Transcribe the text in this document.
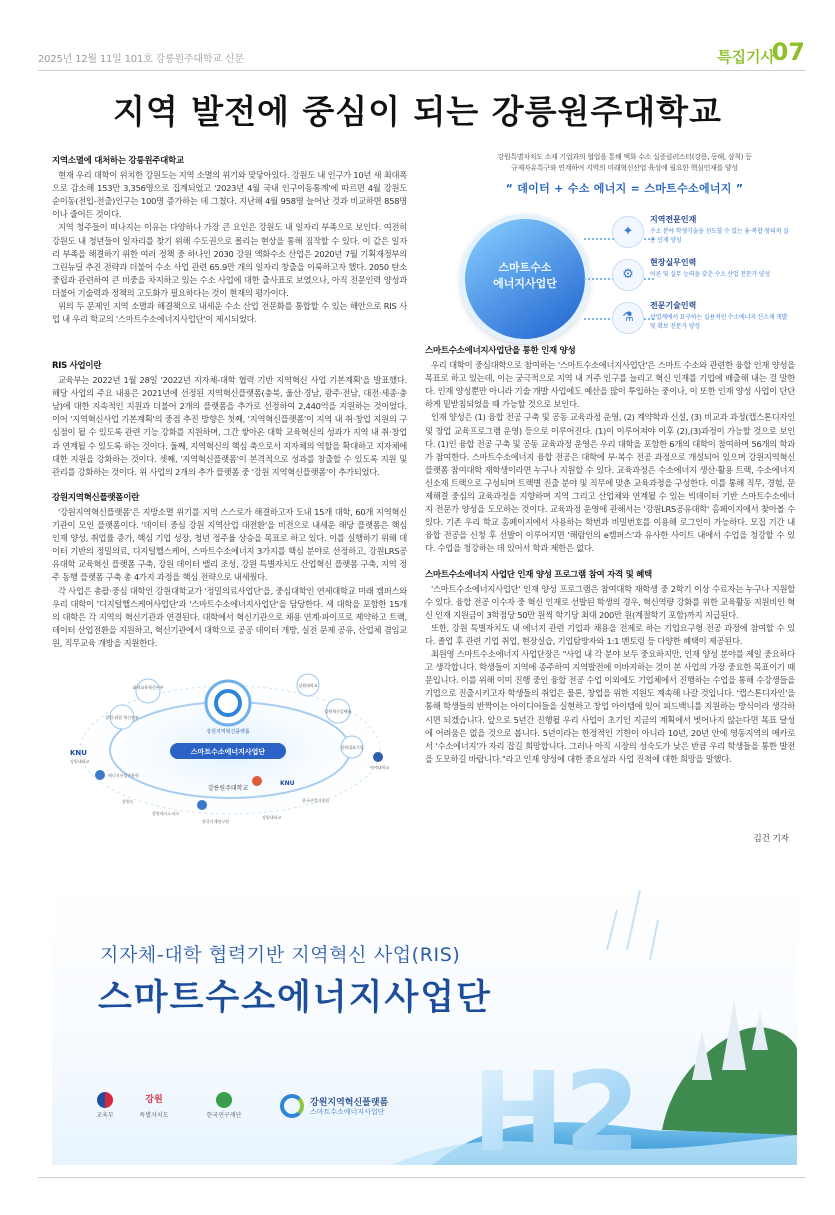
2025년 12월 11일 101호 강릉원주대학교 신문	특집기사
07
지역 발전에 중심이 되는 강릉원주대학교
지역소멸에 대처하는 강릉원주대학교

현재 우리 대학이 위치한 강원도는 지역 소멸의 위기와 맞닿아있다. 강원도 내 인구가 10년 새 최대폭으로 감소해 153만 3,356명으로 집계되었고 '2023년 4월 국내 인구이동통계'에 따르면 4월 강원도 순이동(전입-전출)인구는 100명 증가하는 데 그쳤다. 지난해 4월 958명 늘어난 것과 비교하면 858명이나 줄어든 것이다.

지역 청주들이 떠나지는 이유는 다양하나 가장 큰 요인은 강원도 내 일자리 부족으로 보인다. 여전히 강원도 내 청년들이 일자리를 찾기 위해 수도권으로 몰리는 현상을 통해 짐작할 수 있다. 이 같은 일자리 부족을 해결하기 위한 여러 정책 중 하나인 2030 강원 액화수소 산업은 2020년 7월 기획재정부의 그린뉴딜 추진 전략과 더불어 수소 사업 관련 65.9만 개의 일자리 창출을 이룩하고자 했다. 2050 탄소 중립과 관련하여 큰 비중을 차지하고 있는 수소 사업에 대한 출사표로 보였으나, 아직 전문인력 양성과 더불어 기술력과 정책의 고도화가 필요하다는 것이 현재의 평가이다.

위의 두 문제인 지역 소멸과 해결책으로 내세운 수소 산업 전문화를 통합할 수 있는 해안으로 RIS 사업 내 우리 학교의 '스마트수소에너지사업단'이 제시되었다.

RIS 사업이란

교육부는 2022년 1월 28일 '2022년 지자체-대학 협력 기반 지역혁신 사업 기본계획'을 발표했다. 해당 사업의 주요 내용은 2021년에 선정된 지역혁신플랫폼(충북, 울산·경남, 광주·전남, 대전·세종·충남)에 대한 지속적인 지원과 더불어 2개의 플랫폼을 추가로 선정하여 2,440억을 지원하는 것이었다. 이어 '지역혁신사업 기본계획'의 중점 추진 방향은 첫째, '지역혁신플랫폼'이 지역 내 취·창업 지원의 구심점이 될 수 있도록 관련 기능 강화를 지원하며, 그간 쌓아온 대학 교육혁신의 성과가 지역 내 취·창업과 연계될 수 있도록 하는 것이다. 둘째, 지역혁신의 핵심 축으로서 지자체의 역할을 확대하고 지자체에 대한 지원을 강화하는 것이다. 셋째, '지역혁신플랫폼'이 본격적으로 성과를 창출할 수 있도록 지원 및 관리를 강화하는 것이다. 위 사업의 2개의 추가 플랫폼 중 '강원 지역혁신플랫폼'이 추가되었다.

강원지역혁신플랫폼이란

'강원지역혁신플랫폼'은 지방소멸 위기를 지역 스스로가 해결하고자 도내 15개 대학, 60개 지역혁신기관이 모인 플랫폼이다. '데이터 중심 강원 지역산업 대전환'을 비전으로 내세운 해당 플랫폼은 핵심 인재 양성, 취업률 증가, 핵심 기업 성장, 청년 정주율 상승을 목표로 하고 있다. 이를 실행하기 위해 데이터 기반의 정밀의료, 디지털헬스케어, 스마트수소에너지 3가지를 핵심 분야로 선정하고, 강원LRS공유대학 교육혁신 플랫폼 구축, 강원 데이터 밸리 조성, 강원 특별자치도 산업혁신 플랫폼 구축, 지역 정주 동행 플랫폼 구축 총 4가지 과정을 핵심 전략으로 내세웠다.

각 사업은 총괄·중심 대학인 강원대학교가 '정밀의료사업단'을, 중심대학인 연세대학교 미래 캠퍼스와 우리 대학이 '디지털헬스케어사업단'과 '스마트수소에너지사업단'을 담당한다. 세 대학을 포함한 15개의 대학은 각 지역의 혁신기관과 연결된다. 대학에서 혁신기관으로 채용 연계·파이프로 제약하고 트랙, 데이터 산업전환을 지원하고, 혁신기관에서 대학으로 공공 데이터 개방, 실전 문제 공유, 산업체 겸임교원, 직무교육 개방을 지원한다.

스마트수소에너지사업단을 통한 인재 양성

우리 대학이 중심대학으로 참여하는 '스마트수소에너지사업단'은 스마트 수소와 관련한 융합 인재 양성을 목표로 하고 있는데, 이는 궁극적으로 지역 내 거주 인구를 늘리고 혁신 인재를 기업에 배출해 내는 걸 말한다. 인재 양성뿐만 아니라 기술 개발 사업에도 예산을 많이 투입하는 중이나, 이 또한 인재 양성 사업이 단단하게 밑받침되었을 때 가능할 것으로 보인다.

인재 양성은 (1) 융합 전공 구축 및 공동 교육과정 운영, (2) 계약학과 신설, (3) 비교과 과정(캡스톤디자인 및 창업 교육프로그램 운영) 등으로 이루어진다. (1)이 이루어져야 이후 (2),(3)과정이 가능할 것으로 보인다. (1)인 융합 전공 구축 및 공동 교육과정 운영은 우리 대학을 포함한 6개의 대학이 참여하며 56개의 학과가 참여한다. 스마트수소에너지 융합 전공은 대학에 부·복수 전공 과정으로 개설되어 있으며 강원지역혁신플랫폼 참여대학 재학생이라면 누구나 지원할 수 있다. 교육과정은 수소에너지 생산·활용 트랙, 수소에너지 신소재 트랙으로 구성되며 트랙별 진출 분야 및 직무에 맞춘 교육과정을 구성한다. 이를 통해 직무, 경험, 문제해결 중심의 교육과정을 지향하며 지역 그리고 산업체와 연계될 수 있는 빅데이터 기반 스마트수소에너지 전문가 양성을 도모하는 것이다. 교육과정 운영에 관해서는 '강원LRS공유대학' 홈페이지에서 찾아볼 수 있다. 기존 우리 학교 홈페이지에서 사용하는 학번과 비밀번호를 이용해 로그인이 가능하다. 모집 기간 내 융합 전공을 신청 후 선발이 이루어지면 '해람인의 e캠퍼스'과 유사한 사이트 내에서 수업을 청강할 수 있다. 수업을 청강하는 데 있어서 학과 제한은 없다.

스마트수소에너지 사업단 인재 양성 프로그램 참여 자격 및 혜택

'스마트수소에너지사업단' 인재 양성 프로그램은 참여대학 재학생 중 2학기 이상 수료자는 누구나 지원할 수 있다. 융합 전공 이수자 중 혁신 인재로 선발된 학생의 경우, 혁신역량 강화를 위한 교육활동 지원비인 혁신 인재 지원금이 3학점당 50만 원씩 학기당 최대 200만 원(계절학기 포함)까지 지급된다.

또한, 강원 특별자치도 내 에너지 관련 기업과 채용을 전제로 하는 기업요구형 전공 과정에 참여할 수 있다. 졸업 후 관련 기업 취업, 현장실습, 기업탐방자와 1:1 멘토링 등 다양한 혜택이 제공된다.

최원영 스마트수소에너지 사업단장은 "사업 내 각 분야 보두 중요하지만, 인재 양성 분야를 제일 중요하다고 생각합니다. 학생들이 지역에 종주하여 지역발전에 이바지하는 것이 본 사업의 가장 중요한 목표이기 때문입니다. 이를 위해 이미 진행 중인 융합 전공 수업 이외에도 기업체에서 진행하는 수업을 통해 수강생들을 기업으로 진출시키고자 학생들의 취업은 물론, 창업을 위한 지원도 계속해 나갈 것입니다. '캡스톤디자인'을 통해 학생들의 반짝이는 아이디어들을 실현하고 창업 아이템에 있어 피드백니를 지원하는 방식이라 생각하시면 되겠습니다. 앞으로 5년간 진행될 우리 사업이 초기인 지금의 계획에서 벗어나지 않는다면 목표 달성에 어려움은 없을 것으로 봅니다. 5년이라는 한정적인 기한이 아니라 10년, 20년 안에 영동지역의 메카로서 '수소에너지'가 자리 잡길 희망합니다. 그러나 아직 시장의 성숙도가 낮은 반큼 우리 학생들을 통한 발전을 도모하길 바랍니다."라고 인재 양성에 대한 중요성과 사업 진척에 대한 희망을 말했다.

김건 기자
강원특별자치도 소재 기업과의 협업을 통해 액화 수소 실증클러스터(강릉, 동해, 삼척) 등
규제자유특구와 연계하여 지역의 미래혁신산업 육성에 필요한 핵심인재를 양성
“ 데이터 + 수소 에너지 = 스마트수소에너지 ”
스마트수소
에너지사업단
✦
지역전문인재
수소 분야 학생기술을 선도할 수 있는 융·복합 창의적 실용 인재 양성
⚙
현장실무인력
이론 및 실무 능력을 갖춘 수소 산업 전문가 양성
⚗
전문기술인력
산업계에서 요구하는 실용적인 수소에너지 신소재 개발 및 확보 전문가 양성
강원지역혁신플랫폼
스마트수소에너지사업단
대학교육혁신본부
창업·취업 혁신본부
강원대학교
강원혁신플랫폼
강원대표기업
KNU
강원대학교
에너지산업진흥원
연세대학교
강릉원주대학교
KNU
한국산업기술원
강원도
강원테크노파크
한국기계연구원
강원대학교
H2
지자체-대학 협력기반 지역혁신 사업(RIS)
스마트수소에너지사업단
교육부
강원
특별자치도	한국연구재단
강원지역혁신플랫폼
스마트수소에너지사업단
